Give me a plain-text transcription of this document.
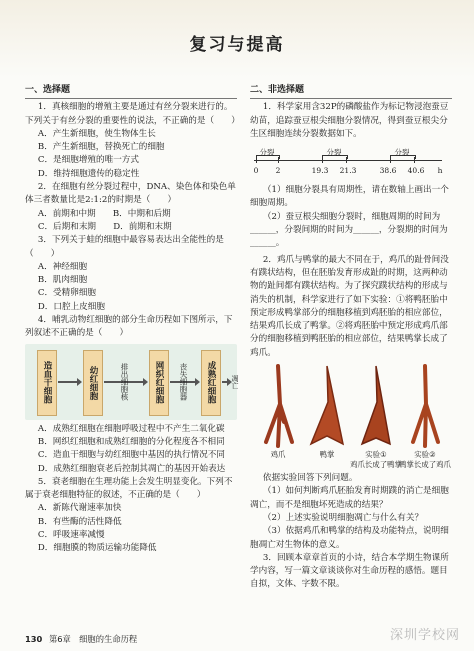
复习与提高
一、选择题

1．真核细胞的增殖主要是通过有丝分裂来进行的。下列关于有丝分裂的重要性的说法，不正确的是（　　）

A．产生新细胞，使生物体生长

B．产生新细胞，替换死亡的细胞

C．是细胞增殖的唯一方式

D．维持细胞遗传的稳定性

2．在细胞有丝分裂过程中，DNA、染色体和染色单体三者数量比是2:1:2的时期是（　　）

A．前期和中期　　B．中期和后期

C．后期和末期　　D．前期和末期

3．下列关于蛙的细胞中最容易表达出全能性的是（　　）

A．神经细胞

B．肌肉细胞

C．受精卵细胞

D．口腔上皮细胞

4．哺乳动物红细胞的部分生命历程如下图所示，下列叙述不正确的是（　　）

造血干细胞	幼红细胞	排出细胞核	网织红细胞	丧失细胞器	成熟红细胞	凋亡

A．成熟红细胞在细胞呼吸过程中不产生二氧化碳

B．网织红细胞和成熟红细胞的分化程度各不相同

C．造血干细胞与幼红细胞中基因的执行情况不同

D．成熟红细胞衰老后控制其凋亡的基因开始表达

5．衰老细胞在生理功能上会发生明显变化。下列不属于衰老细胞特征的叙述，不正确的是（　　）

A．新陈代谢速率加快

B．有些酶的活性降低

C．呼吸速率减慢

D．细胞膜的物质运输功能降低

二、非选择题

1．科学家用含32P的磷酸盐作为标记物浸泡蚕豆幼苗，追踪蚕豆根尖细胞分裂情况，得到蚕豆根尖分生区细胞连续分裂数据如下。

分裂	分裂	分裂
0 2	19.3 21.3	38.6 40.6 h

（1）细胞分裂具有周期性，请在数轴上画出一个细胞周期。

（2）蚕豆根尖细胞分裂时，细胞周期的时间为______，分裂间期的时间为______，分裂期的时间为______。

2．鸡爪与鸭掌的最大不同在于，鸡爪的趾骨间没有蹼状结构，但在胚胎发育形成趾的时期，这两种动物的趾间都有蹼状结构。为了探究蹼状结构的形成与消失的机制，科学家进行了如下实验：①将鸭胚胎中预定形成鸭掌部分的细胞移植到鸡胚胎的相应部位，结果鸡爪长成了鸭掌。②将鸡胚胎中预定形成鸡爪部分的细胞移植到鸭胚胎的相应部位，结果鸭掌长成了鸡爪。

鸡爪	鸭掌	实验①
鸡爪长成了鸭掌
实验②
鸭掌长成了鸡爪

依据实验回答下列问题。

（1）如何判断鸡爪胚胎发育时期蹼的消亡是细胞凋亡，而不是细胞坏死造成的结果？

（2）上述实验说明细胞凋亡与什么有关？

（3）依据鸡爪和鸭掌的结构及功能特点，说明细胞凋亡对生物体的意义。

3．回顾本章章首页的小诗，结合本学期生物课所学内容，写一篇文章谈谈你对生命历程的感悟。题目自拟，文体、字数不限。

130 第6章　细胞的生命历程	深圳学校网
